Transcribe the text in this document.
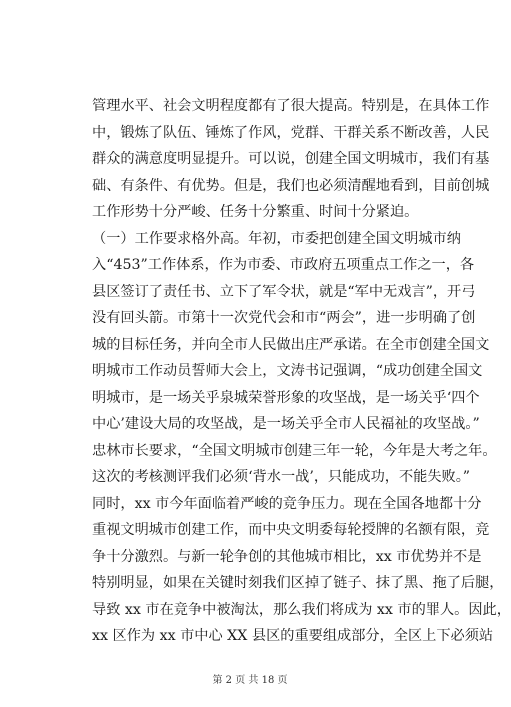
管理水平、社会文明程度都有了很大提高。特别是，在具体工作
中，锻炼了队伍、锤炼了作风，党群、干群关系不断改善，人民
群众的满意度明显提升。可以说，创建全国文明城市，我们有基
础、有条件、有优势。但是，我们也必须清醒地看到，目前创城
工作形势十分严峻、任务十分繁重、时间十分紧迫。
（一）工作要求格外高。年初，市委把创建全国文明城市纳
入“453”工作体系，作为市委、市政府五项重点工作之一，各
县区签订了责任书、立下了军令状，就是“军中无戏言”，开弓
没有回头箭。市第十一次党代会和市“两会”，进一步明确了创
城的目标任务，并向全市人民做出庄严承诺。在全市创建全国文
明城市工作动员誓师大会上，文涛书记强调，“成功创建全国文
明城市，是一场关乎泉城荣誉形象的攻坚战，是一场关乎‘四个
中心’建设大局的攻坚战，是一场关乎全市人民福祉的攻坚战。”
忠林市长要求，“全国文明城市创建三年一轮，今年是大考之年。
这次的考核测评我们必须‘背水一战’，只能成功，不能失败。”
同时，xx 市今年面临着严峻的竞争压力。现在全国各地都十分
重视文明城市创建工作，而中央文明委每轮授牌的名额有限，竞
争十分激烈。与新一轮争创的其他城市相比，xx 市优势并不是
特别明显，如果在关键时刻我们区掉了链子、抹了黑、拖了后腿，
导致 xx 市在竞争中被淘汰，那么我们将成为 xx 市的罪人。因此，
xx 区作为 xx 市中心 XX 县区的重要组成部分，全区上下必须站
第 2 页 共 18 页
